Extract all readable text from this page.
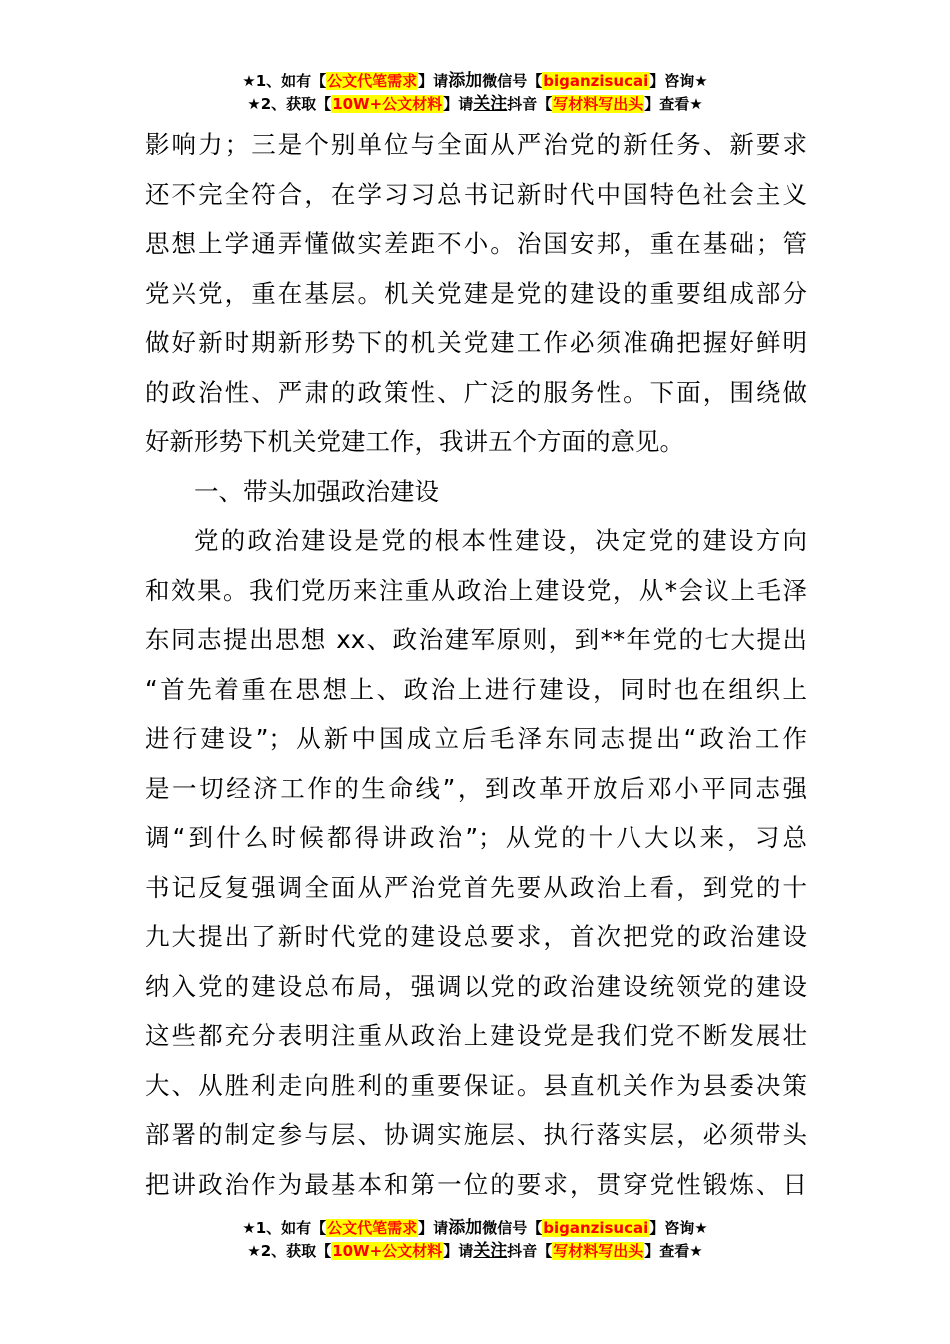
★1、如有【公文代笔需求】请添加微信号【biganzisucai】咨询★
★2、获取【10W+公文材料】请关注抖音【写材料写出头】查看★

影响力；三是个别单位与全面从严治党的新任务、新要求

还不完全符合，在学习习总书记新时代中国特色社会主义

思想上学通弄懂做实差距不小。治国安邦，重在基础；管

党兴党，重在基层。机关党建是党的建设的重要组成部分

做好新时期新形势下的机关党建工作必须准确把握好鲜明

的政治性、严肃的政策性、广泛的服务性。下面，围绕做

好新形势下机关党建工作，我讲五个方面的意见。

一、带头加强政治建设

党的政治建设是党的根本性建设，决定党的建设方向

和效果。我们党历来注重从政治上建设党，从*会议上毛泽

东同志提出思想 xx、政治建军原则，到**年党的七大提出

“首先着重在思想上、政治上进行建设，同时也在组织上

进行建设”；从新中国成立后毛泽东同志提出“政治工作

是一切经济工作的生命线”，到改革开放后邓小平同志强

调“到什么时候都得讲政治”；从党的十八大以来，习总

书记反复强调全面从严治党首先要从政治上看，到党的十

九大提出了新时代党的建设总要求，首次把党的政治建设

纳入党的建设总布局，强调以党的政治建设统领党的建设

这些都充分表明注重从政治上建设党是我们党不断发展壮

大、从胜利走向胜利的重要保证。县直机关作为县委决策

部署的制定参与层、协调实施层、执行落实层，必须带头

把讲政治作为最基本和第一位的要求，贯穿党性锻炼、日

★1、如有【公文代笔需求】请添加微信号【biganzisucai】咨询★
★2、获取【10W+公文材料】请关注抖音【写材料写出头】查看★
